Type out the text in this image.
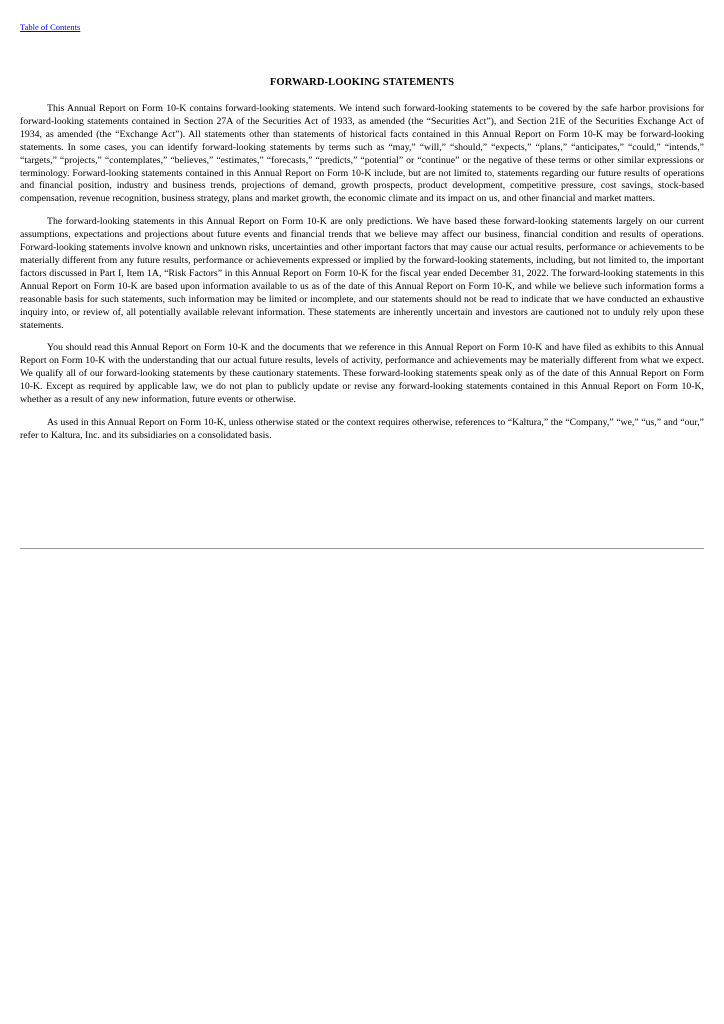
Table of Contents
FORWARD-LOOKING STATEMENTS

This Annual Report on Form 10-K contains forward-looking statements. We intend such forward-looking statements to be covered by the safe harbor provisions for forward-looking statements contained in Section 27A of the Securities Act of 1933, as amended (the “Securities Act”), and Section 21E of the Securities Exchange Act of 1934, as amended (the “Exchange Act”). All statements other than statements of historical facts contained in this Annual Report on Form 10-K may be forward-looking statements. In some cases, you can identify forward-looking statements by terms such as “may,” “will,” “should,” “expects,” “plans,” “anticipates,” “could,” “intends,” “targets,” “projects,” “contemplates,” “believes,” “estimates,” “forecasts,” “predicts,” “potential” or “continue” or the negative of these terms or other similar expressions or terminology. Forward-looking statements contained in this Annual Report on Form 10-K include, but are not limited to, statements regarding our future results of operations and financial position, industry and business trends, projections of demand, growth prospects, product development, competitive pressure, cost savings, stock-based compensation, revenue recognition, business strategy, plans and market growth, the economic climate and its impact on us, and other financial and market matters.

The forward-looking statements in this Annual Report on Form 10-K are only predictions. We have based these forward-looking statements largely on our current assumptions, expectations and projections about future events and financial trends that we believe may affect our business, financial condition and results of operations. Forward-looking statements involve known and unknown risks, uncertainties and other important factors that may cause our actual results, performance or achievements to be materially different from any future results, performance or achievements expressed or implied by the forward-looking statements, including, but not limited to, the important factors discussed in Part I, Item 1A, “Risk Factors” in this Annual Report on Form 10-K for the fiscal year ended December 31, 2022. The forward-looking statements in this Annual Report on Form 10-K are based upon information available to us as of the date of this Annual Report on Form 10-K, and while we believe such information forms a reasonable basis for such statements, such information may be limited or incomplete, and our statements should not be read to indicate that we have conducted an exhaustive inquiry into, or review of, all potentially available relevant information. These statements are inherently uncertain and investors are cautioned not to unduly rely upon these statements.

You should read this Annual Report on Form 10-K and the documents that we reference in this Annual Report on Form 10-K and have filed as exhibits to this Annual Report on Form 10-K with the understanding that our actual future results, levels of activity, performance and achievements may be materially different from what we expect. We qualify all of our forward-looking statements by these cautionary statements. These forward-looking statements speak only as of the date of this Annual Report on Form 10-K. Except as required by applicable law, we do not plan to publicly update or revise any forward-looking statements contained in this Annual Report on Form 10-K, whether as a result of any new information, future events or otherwise.

As used in this Annual Report on Form 10-K, unless otherwise stated or the context requires otherwise, references to “Kaltura,” the “Company,” “we,” “us,” and “our,” refer to Kaltura, Inc. and its subsidiaries on a consolidated basis.
